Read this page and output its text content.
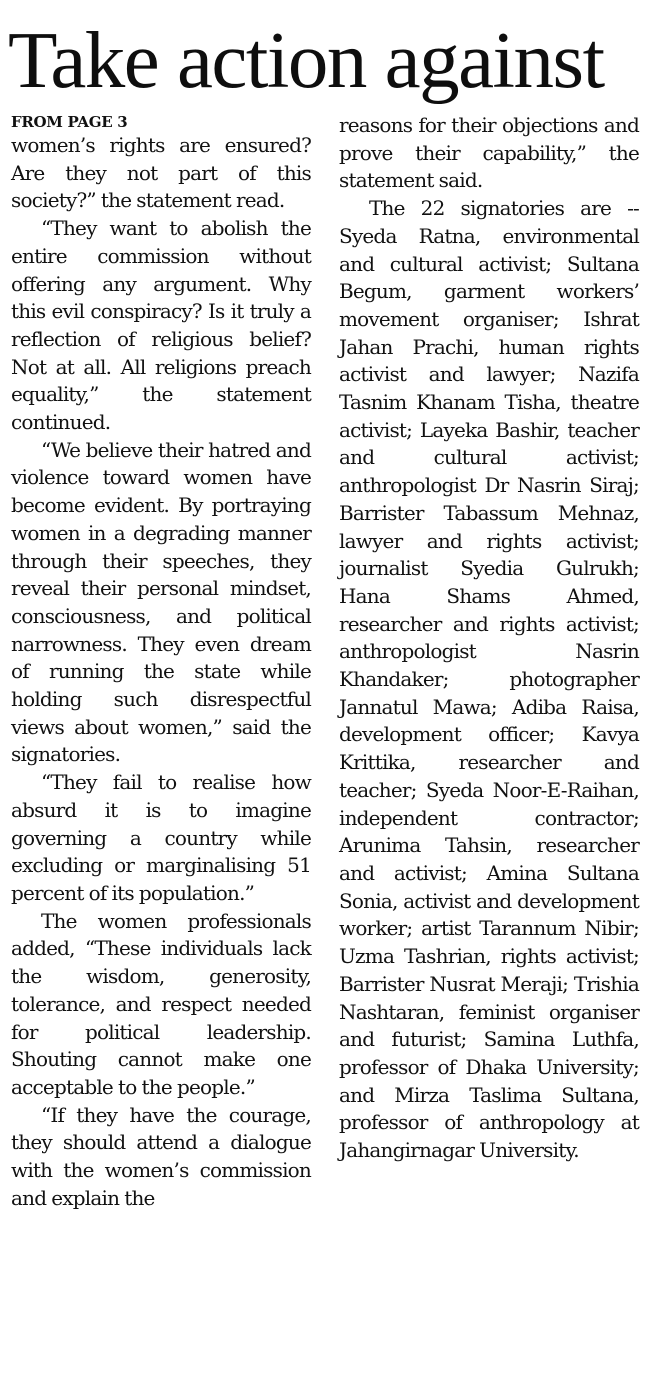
Take action against

FROM PAGE 3

women’s rights are ensured? Are they not part of this society?” the statement read.

“They want to abolish the entire commission without offering any argument. Why this evil conspiracy? Is it truly a reflection of religious belief? Not at all. All religions preach equality,” the statement continued.

“We believe their hatred and violence toward women have become evident. By portraying women in a degrading manner through their speeches, they reveal their personal mindset, consciousness, and political narrowness. They even dream of running the state while holding such disrespectful views about women,” said the signatories.

“They fail to realise how absurd it is to imagine governing a country while excluding or marginalising 51 percent of its population.”

The women professionals added, “These individuals lack the wisdom, generosity, tolerance, and respect needed for political leadership. Shouting cannot make one acceptable to the people.”

“If they have the courage, they should attend a dialogue with the women’s commission and explain the

reasons for their objections and prove their capability,” the statement said.

The 22 signatories are -- Syeda Ratna, environmental and cultural activist; Sultana Begum, garment workers’ movement organiser; Ishrat Jahan Prachi, human rights activist and lawyer; Nazifa Tasnim Khanam Tisha, theatre activist; Layeka Bashir, teacher and cultural activist; anthropologist Dr Nasrin Siraj; Barrister Tabassum Mehnaz, lawyer and rights activist; journalist Syedia Gulrukh; Hana Shams Ahmed, researcher and rights activist; anthropologist Nasrin Khandaker; photographer Jannatul Mawa; Adiba Raisa, development officer; Kavya Krittika, researcher and teacher; Syeda Noor-E-Raihan, independent contractor; Arunima Tahsin, researcher and activist; Amina Sultana Sonia, activist and development worker; artist Tarannum Nibir; Uzma Tashrian, rights activist; Barrister Nusrat Meraji; Trishia Nashtaran, feminist organiser and futurist; Samina Luthfa, professor of Dhaka University; and Mirza Taslima Sultana, professor of anthropology at Jahangirnagar University.
